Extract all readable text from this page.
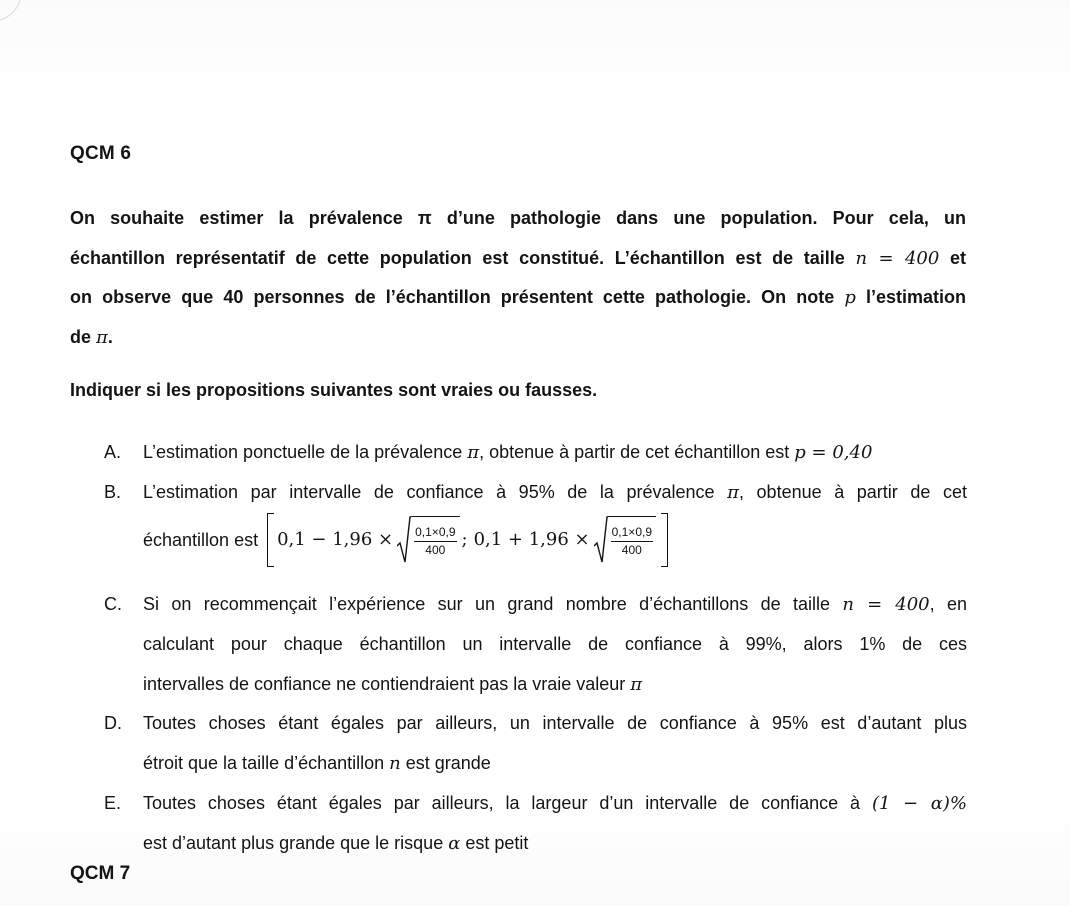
QCM 6
On souhaite estimer la prévalence π d’une pathologie dans une population. Pour cela, un
échantillon représentatif de cette population est constitué. L’échantillon est de taille n = 400 et
on observe que 40 personnes de l’échantillon présentent cette pathologie. On note p l’estimation
de π.
Indiquer si les propositions suivantes sont vraies ou fausses.
A.	L’estimation ponctuelle de la prévalence π, obtenue à partir de cet échantillon est p = 0,40
B.	L’estimation par intervalle de confiance à 95% de la prévalence π, obtenue à partir de cet
échantillon est $0,1 - 1,96 \times \frac{0,1\times 0,9}{400}$ ; $0,1 + 1,96 \times \frac{0,1\times 0,9}{400}$
C.	Si on recommençait l’expérience sur un grand nombre d’échantillons de taille n = 400, en
calculant pour chaque échantillon un intervalle de confiance à 99%, alors 1% de ces
intervalles de confiance ne contiendraient pas la vraie valeur π
D.	Toutes choses étant égales par ailleurs, un intervalle de confiance à 95% est d’autant plus
étroit que la taille d’échantillon n est grande
E.	Toutes choses étant égales par ailleurs, la largeur d’un intervalle de confiance à (1 − α)%
est d’autant plus grande que le risque α est petit
QCM 7
